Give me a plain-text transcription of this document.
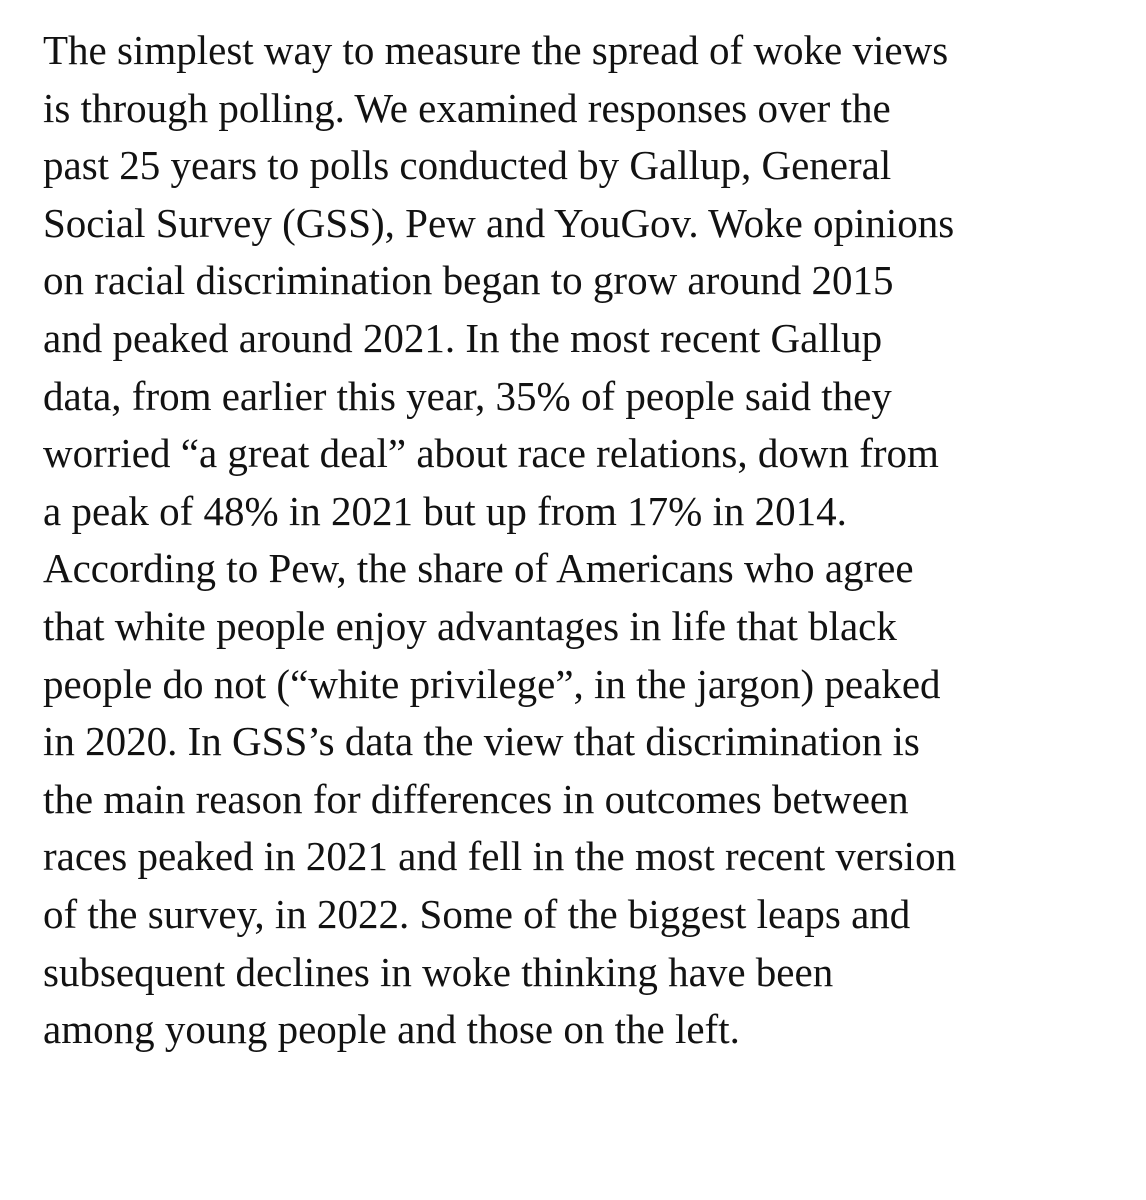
The simplest way to measure the spread of woke views
is through polling. We examined responses over the
past 25 years to polls conducted by Gallup, General
Social Survey (GSS), Pew and YouGov. Woke opinions
on racial discrimination began to grow around 2015
and peaked around 2021. In the most recent Gallup
data, from earlier this year, 35% of people said they
worried “a great deal” about race relations, down from
a peak of 48% in 2021 but up from 17% in 2014.
According to Pew, the share of Americans who agree
that white people enjoy advantages in life that black
people do not (“white privilege”, in the jargon) peaked
in 2020. In GSS’s data the view that discrimination is
the main reason for differences in outcomes between
races peaked in 2021 and fell in the most recent version
of the survey, in 2022. Some of the biggest leaps and
subsequent declines in woke thinking have been
among young people and those on the left.
